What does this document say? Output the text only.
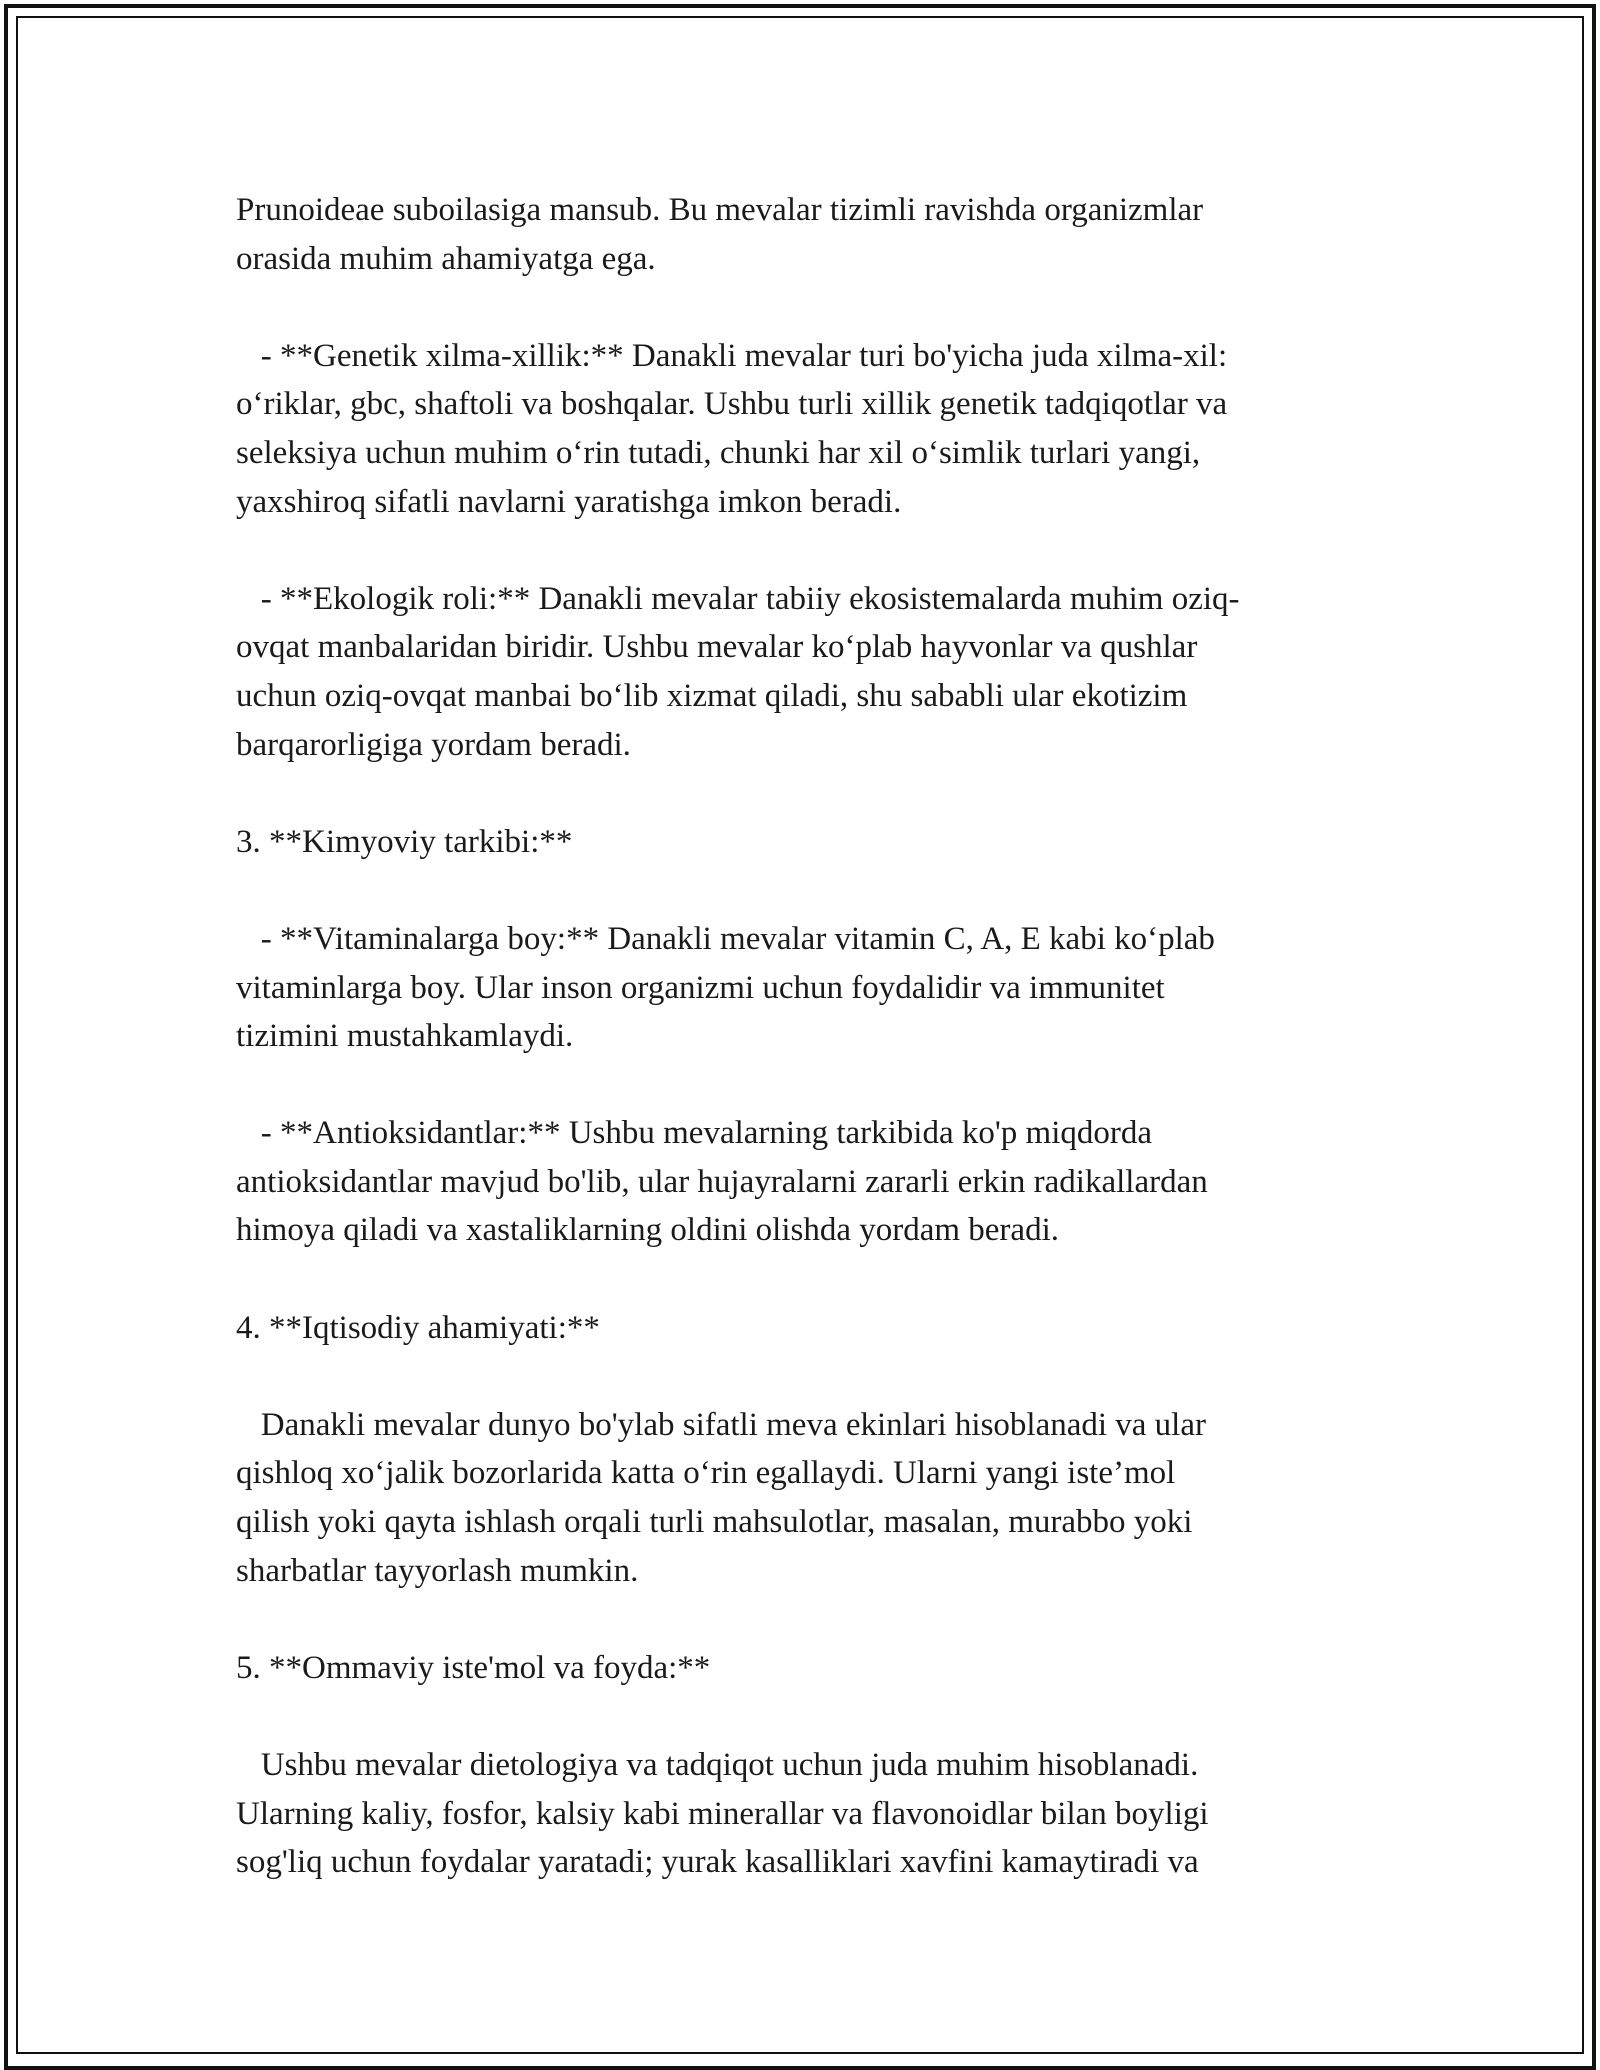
Prunoideae suboilasiga mansub. Bu mevalar tizimli ravishda organizmlar
orasida muhim ahamiyatga ega.

- **Genetik xilma-xillik:** Danakli mevalar turi bo'yicha juda xilma-xil:
o‘riklar, gbc, shaftoli va boshqalar. Ushbu turli xillik genetik tadqiqotlar va
seleksiya uchun muhim o‘rin tutadi, chunki har xil o‘simlik turlari yangi,
yaxshiroq sifatli navlarni yaratishga imkon beradi.

- **Ekologik roli:** Danakli mevalar tabiiy ekosistemalarda muhim oziq-
ovqat manbalaridan biridir. Ushbu mevalar ko‘plab hayvonlar va qushlar
uchun oziq-ovqat manbai bo‘lib xizmat qiladi, shu sababli ular ekotizim
barqarorligiga yordam beradi.

3. **Kimyoviy tarkibi:**

- **Vitaminalarga boy:** Danakli mevalar vitamin C, A, E kabi ko‘plab
vitaminlarga boy. Ular inson organizmi uchun foydalidir va immunitet
tizimini mustahkamlaydi.

- **Antioksidantlar:** Ushbu mevalarning tarkibida ko'p miqdorda
antioksidantlar mavjud bo'lib, ular hujayralarni zararli erkin radikallardan
himoya qiladi va xastaliklarning oldini olishda yordam beradi.

4. **Iqtisodiy ahamiyati:**

Danakli mevalar dunyo bo'ylab sifatli meva ekinlari hisoblanadi va ular
qishloq xo‘jalik bozorlarida katta o‘rin egallaydi. Ularni yangi iste’mol
qilish yoki qayta ishlash orqali turli mahsulotlar, masalan, murabbo yoki
sharbatlar tayyorlash mumkin.

5. **Ommaviy iste'mol va foyda:**

Ushbu mevalar dietologiya va tadqiqot uchun juda muhim hisoblanadi.
Ularning kaliy, fosfor, kalsiy kabi minerallar va flavonoidlar bilan boyligi
sog'liq uchun foydalar yaratadi; yurak kasalliklari xavfini kamaytiradi va
